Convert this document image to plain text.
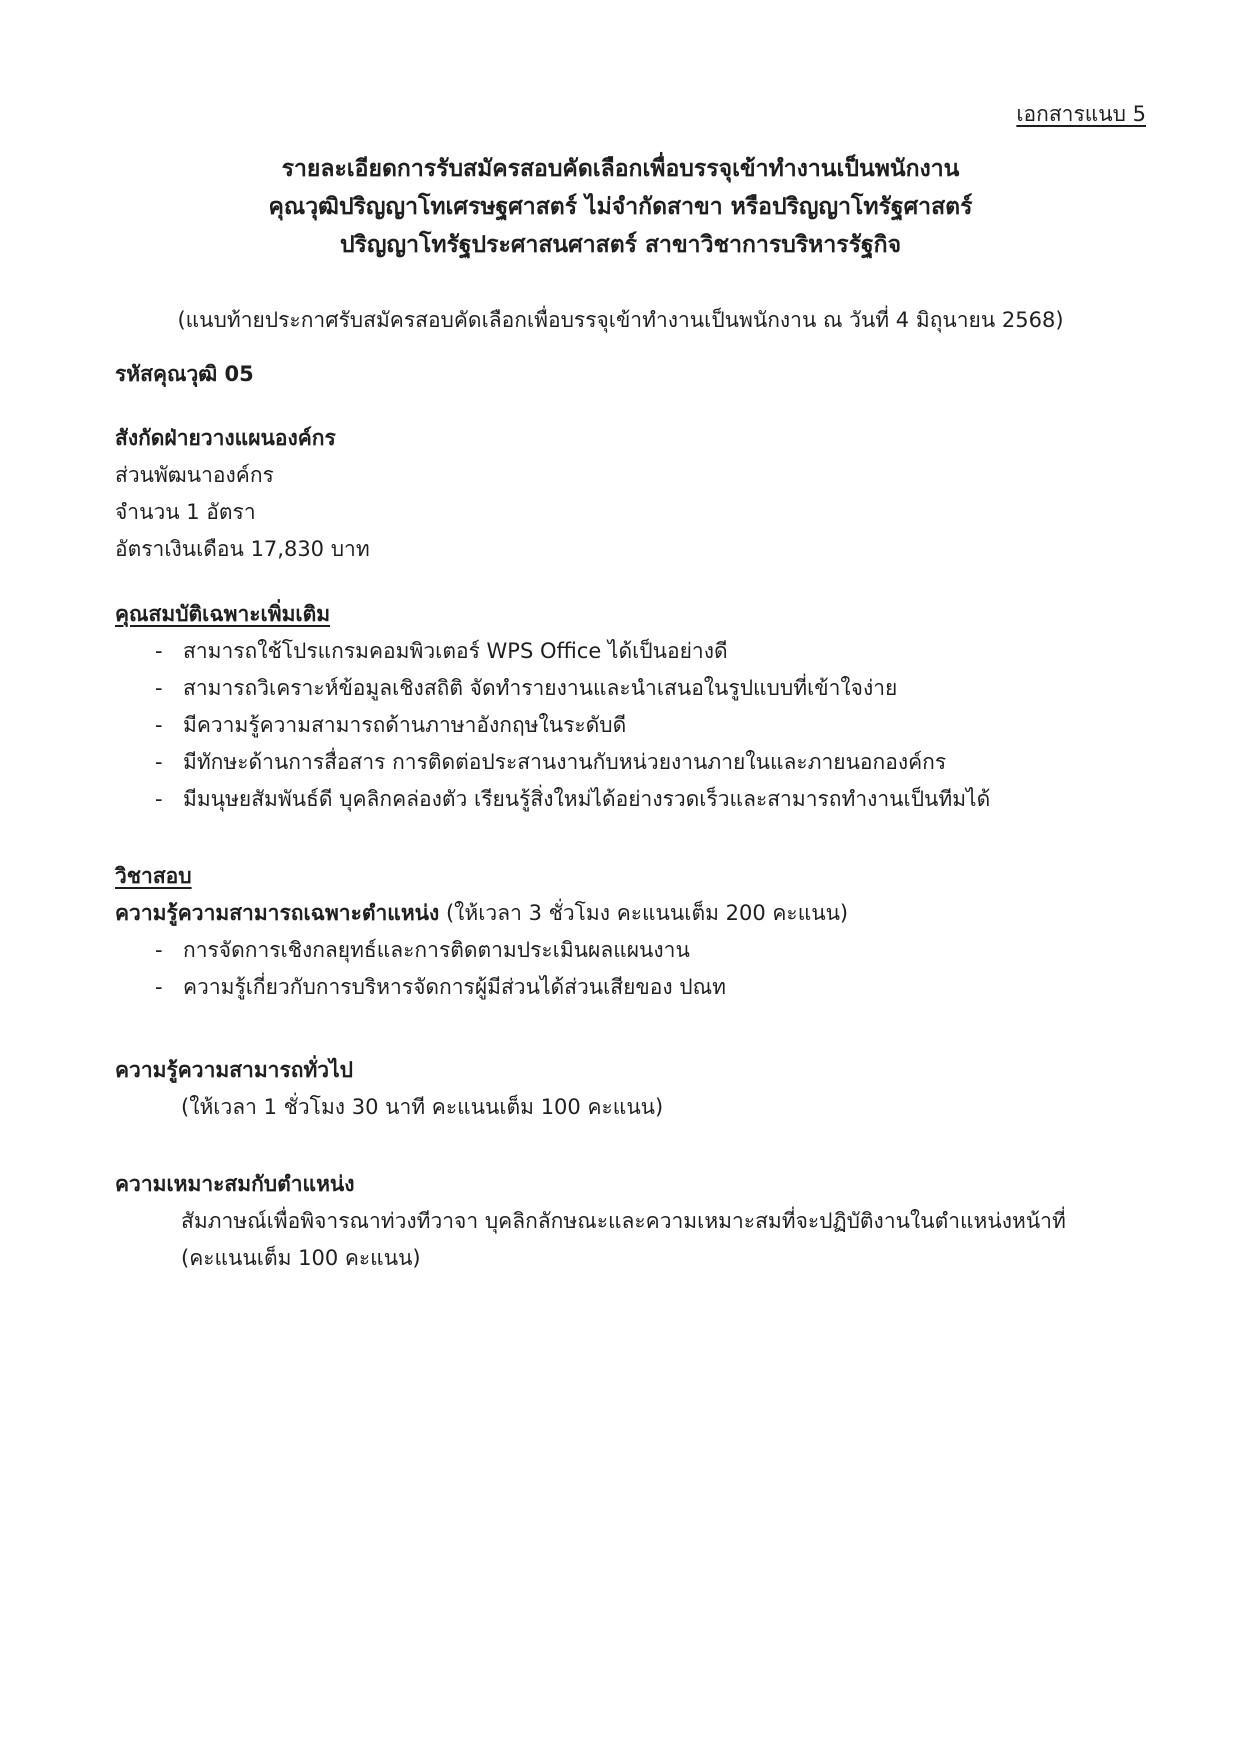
เอกสารแนบ 5
รายละเอียดการรับสมัครสอบคัดเลือกเพื่อบรรจุเข้าทำงานเป็นพนักงาน
คุณวุฒิปริญญาโทเศรษฐศาสตร์ ไม่จำกัดสาขา หรือปริญญาโทรัฐศาสตร์
ปริญญาโทรัฐประศาสนศาสตร์ สาขาวิชาการบริหารรัฐกิจ
(แนบท้ายประกาศรับสมัครสอบคัดเลือกเพื่อบรรจุเข้าทำงานเป็นพนักงาน ณ วันที่ 4 มิถุนายน 2568)
รหัสคุณวุฒิ 05
สังกัดฝ่ายวางแผนองค์กร
ส่วนพัฒนาองค์กร
จำนวน 1 อัตรา
อัตราเงินเดือน 17,830 บาท
คุณสมบัติเฉพาะเพิ่มเติม
- สามารถใช้โปรแกรมคอมพิวเตอร์ WPS Office ได้เป็นอย่างดี
- สามารถวิเคราะห์ข้อมูลเชิงสถิติ จัดทำรายงานและนำเสนอในรูปแบบที่เข้าใจง่าย
- มีความรู้ความสามารถด้านภาษาอังกฤษในระดับดี
- มีทักษะด้านการสื่อสาร การติดต่อประสานงานกับหน่วยงานภายในและภายนอกองค์กร
- มีมนุษยสัมพันธ์ดี บุคลิกคล่องตัว เรียนรู้สิ่งใหม่ได้อย่างรวดเร็วและสามารถทำงานเป็นทีมได้
วิชาสอบ
ความรู้ความสามารถเฉพาะตำแหน่ง (ให้เวลา 3 ชั่วโมง คะแนนเต็ม 200 คะแนน)
- การจัดการเชิงกลยุทธ์และการติดตามประเมินผลแผนงาน
- ความรู้เกี่ยวกับการบริหารจัดการผู้มีส่วนได้ส่วนเสียของ ปณท
ความรู้ความสามารถทั่วไป
(ให้เวลา 1 ชั่วโมง 30 นาที คะแนนเต็ม 100 คะแนน)
ความเหมาะสมกับตำแหน่ง
สัมภาษณ์เพื่อพิจารณาท่วงทีวาจา บุคลิกลักษณะและความเหมาะสมที่จะปฏิบัติงานในตำแหน่งหน้าที่
(คะแนนเต็ม 100 คะแนน)
